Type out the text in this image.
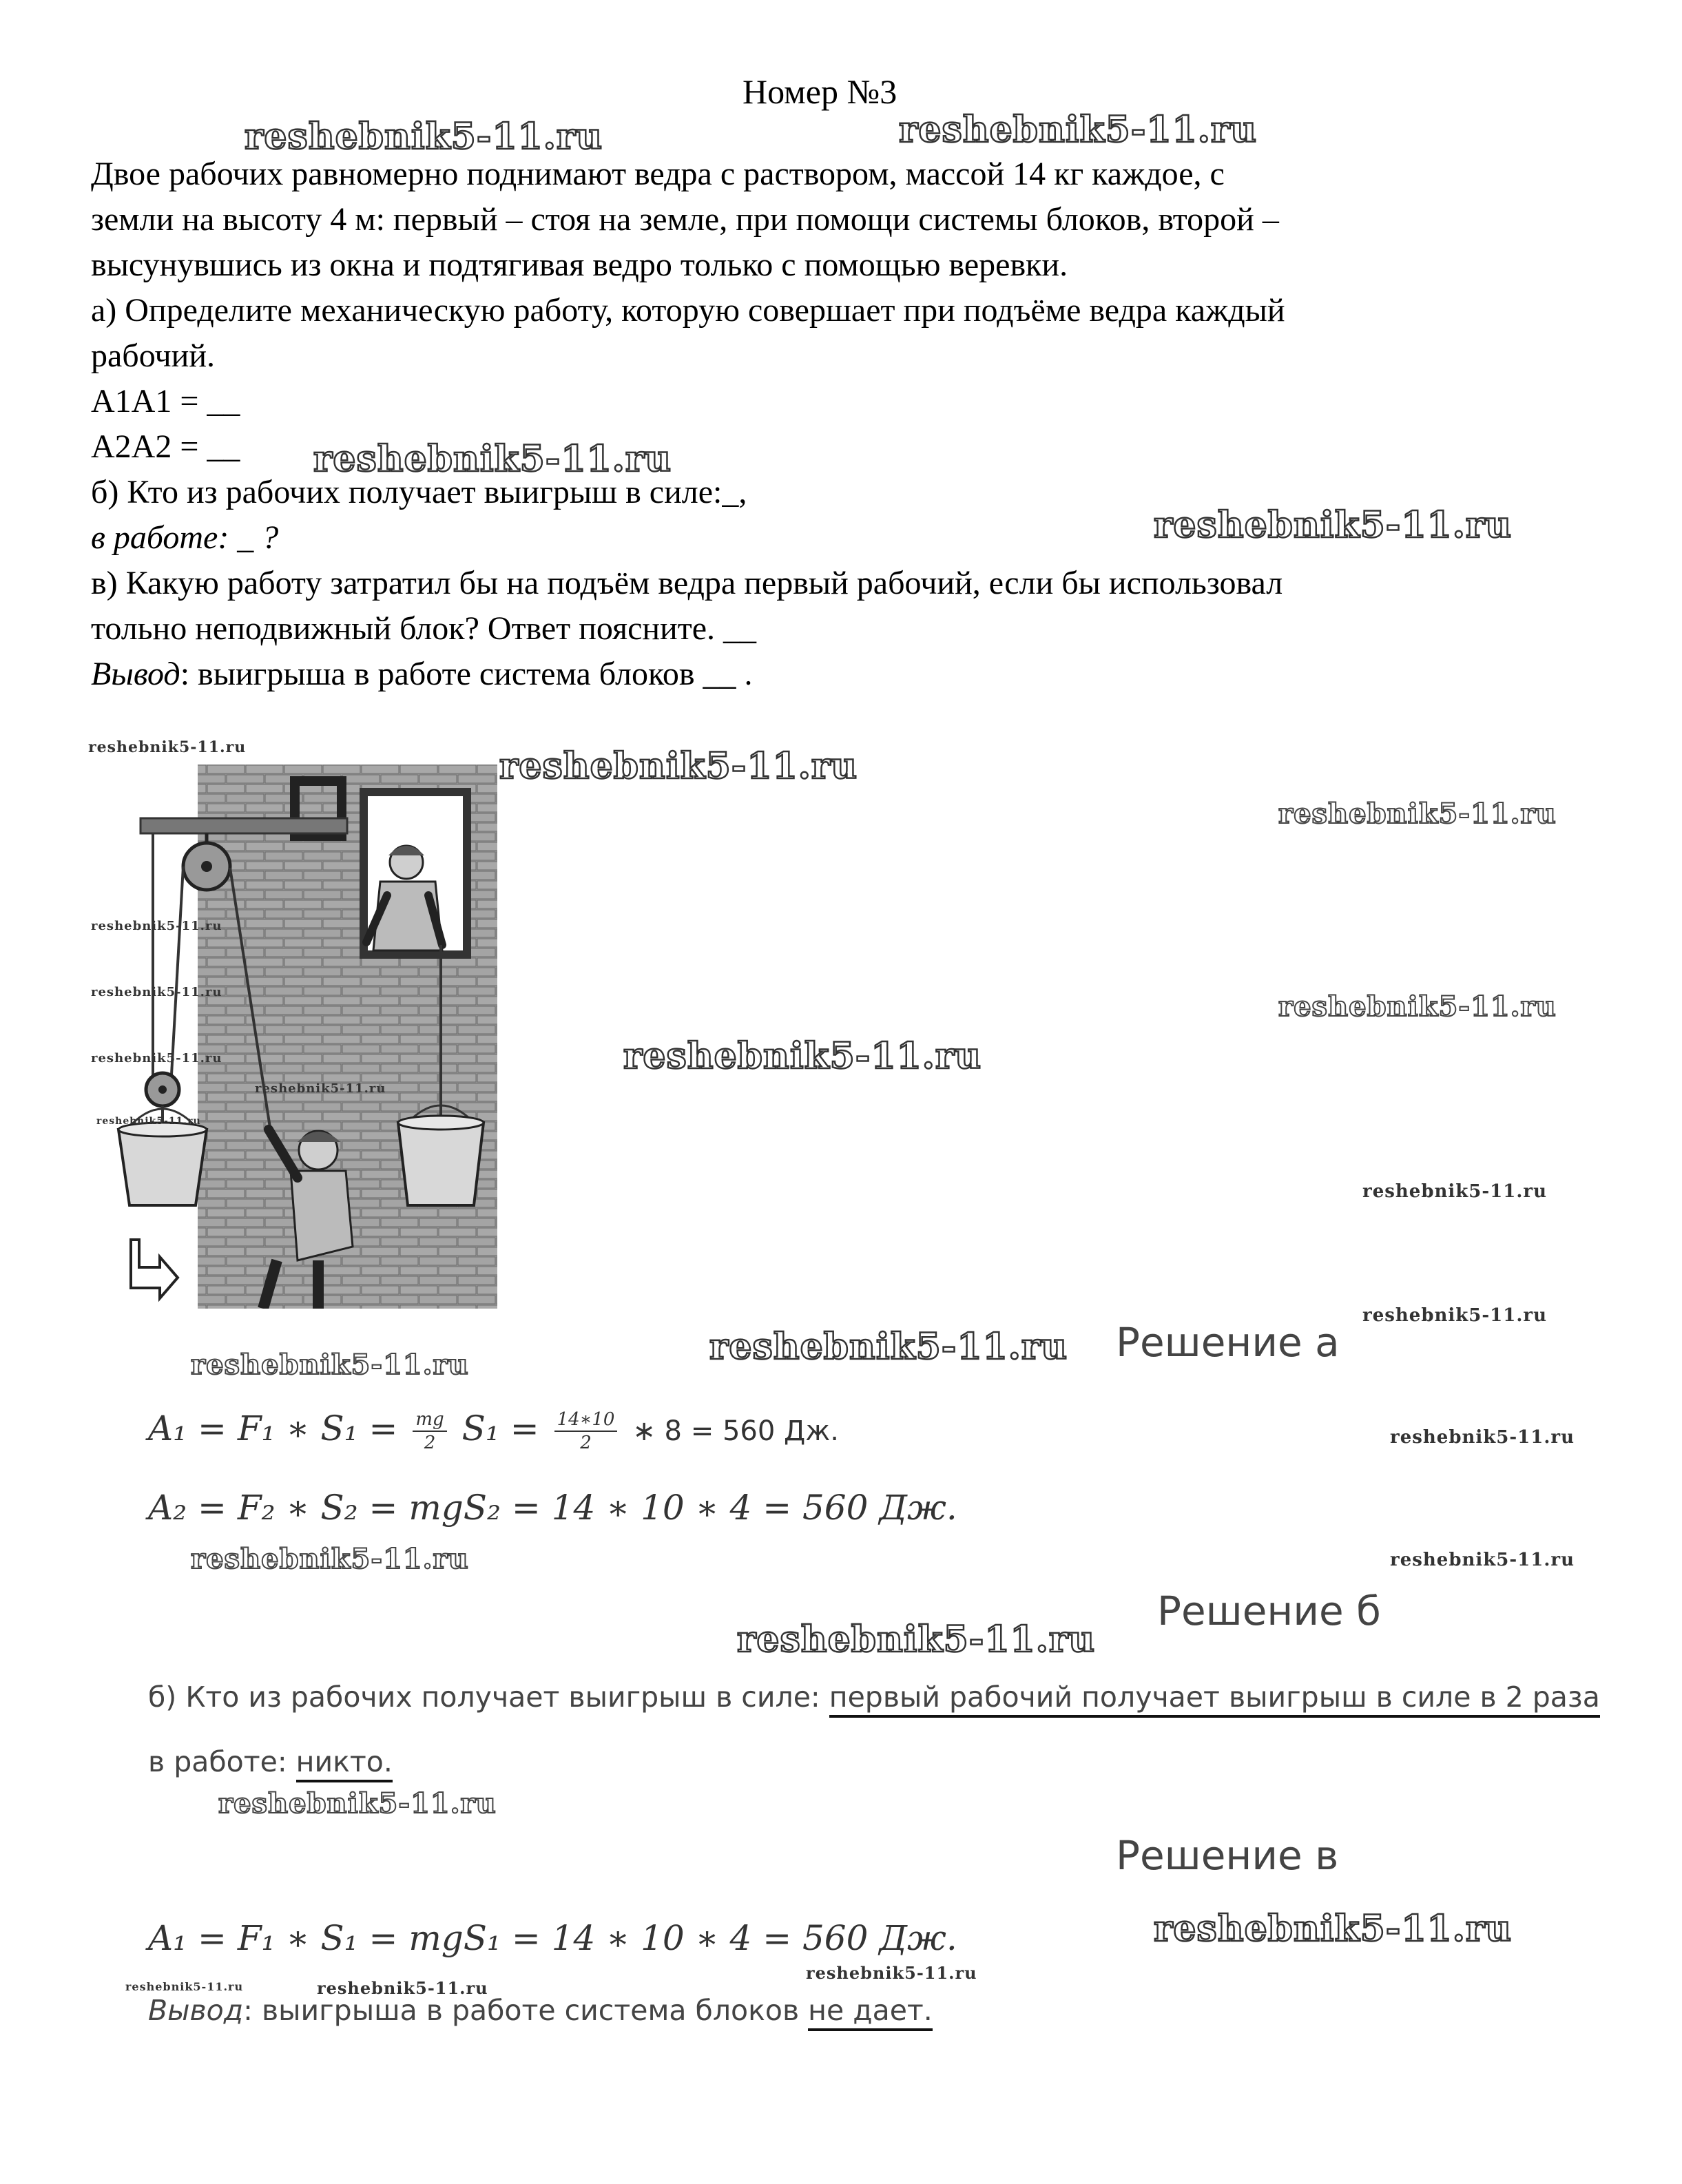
Номер №3
Двое рабочих равномерно поднимают ведра с раствором, массой 14 кг каждое, с
земли на высоту 4 м: первый – стоя на земле, при помощи системы блоков, второй –
высунувшись из окна и подтягивая ведро только с помощью веревки.
а) Определите механическую работу, которую совершает при подъёме ведра каждый
рабочий.
A1A1 = __
A2A2 = __
б) Кто из рабочих получает выигрыш в силе:_,
в работе: _ ?
в) Какую работу затратил бы на подъём ведра первый рабочий, если бы использовал
тольно неподвижный блок? Ответ поясните. __
Вывод: выигрыша в работе система блоков __ .
Решение а
A₁ = F₁ ∗ $S_1 = \frac{mg}{2} S_1 = \frac{14∗10}{2}$ ∗ 8 = 560 Дж.
A₂ = F₂ ∗ S₂ = mgS₂ = 14 ∗ 10 ∗ 4 = 560 Дж.
Решение б
б) Кто из рабочих получает выигрыш в силе: первый рабочий получает выигрыш в силе в 2 раза
в работе: никто.
Решение в
A₁ = F₁ ∗ S₁ = mgS₁ = 14 ∗ 10 ∗ 4 = 560 Дж.
Вывод: выигрыша в работе система блоков не дает.
reshebnik5-11.ru	reshebnik5-11.ru
reshebnik5-11.ru
reshebnik5-11.ru
reshebnik5-11.ru	reshebnik5-11.ru
reshebnik5-11.ru
reshebnik5-11.ru
reshebnik5-11.ru
reshebnik5-11.ru
reshebnik5-11.ru
reshebnik5-11.ru
reshebnik5-11.ru
reshebnik5-11.ru
reshebnik5-11.ru
reshebnik5-11.ru
reshebnik5-11.ru
reshebnik5-11.ru
reshebnik5-11.ru
reshebnik5-11.ru	reshebnik5-11.ru
reshebnik5-11.ru
reshebnik5-11.ru
reshebnik5-11.ru
reshebnik5-11.ru
reshebnik5-11.ru
reshebnik5-11.ru
